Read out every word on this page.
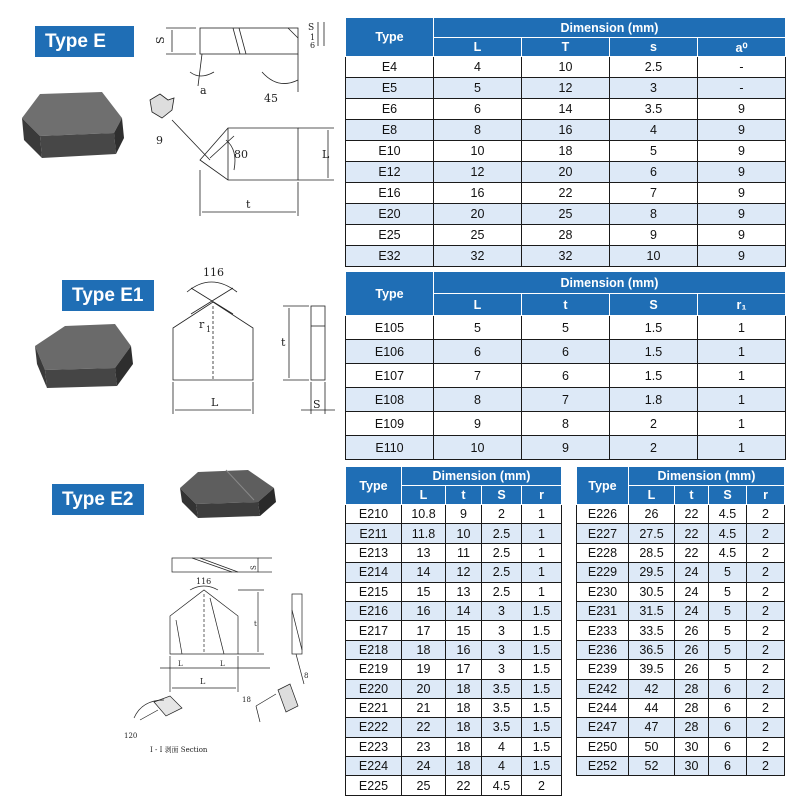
Type E
Type E1
Type E2
S
S
1
6
a
45
9
80	L
t
116
r 1
L
t
S
S
116
t
L	L
L
8
18
120
I - I 剥面 Section
Type	Dimension (mm)			
	L	T	s	a⁰
E4	4	10	2.5	-
E5	5	12	3	-
E6	6	14	3.5	9
E8	8	16	4	9
E10	10	18	5	9
E12	12	20	6	9
E16	16	22	7	9
E20	20	25	8	9
E25	25	28	9	9
E32	32	32	10	9
Type	Dimension (mm)			
	L	t	S	r₁
E105	5	5	1.5	1
E106	6	6	1.5	1
E107	7	6	1.5	1
E108	8	7	1.8	1
E109	9	8	2	1
E110	10	9	2	1
Type	Dimension (mm)			
	L	t	S	r
E210	10.8	9	2	1
E211	11.8	10	2.5	1
E213	13	11	2.5	1
E214	14	12	2.5	1
E215	15	13	2.5	1
E216	16	14	3	1.5
E217	17	15	3	1.5
E218	18	16	3	1.5
E219	19	17	3	1.5
E220	20	18	3.5	1.5
E221	21	18	3.5	1.5
E222	22	18	3.5	1.5
E223	23	18	4	1.5
E224	24	18	4	1.5
E225	25	22	4.5	2
Type	Dimension (mm)			
	L	t	S	r
E226	26	22	4.5	2
E227	27.5	22	4.5	2
E228	28.5	22	4.5	2
E229	29.5	24	5	2
E230	30.5	24	5	2
E231	31.5	24	5	2
E233	33.5	26	5	2
E236	36.5	26	5	2
E239	39.5	26	5	2
E242	42	28	6	2
E244	44	28	6	2
E247	47	28	6	2
E250	50	30	6	2
E252	52	30	6	2
